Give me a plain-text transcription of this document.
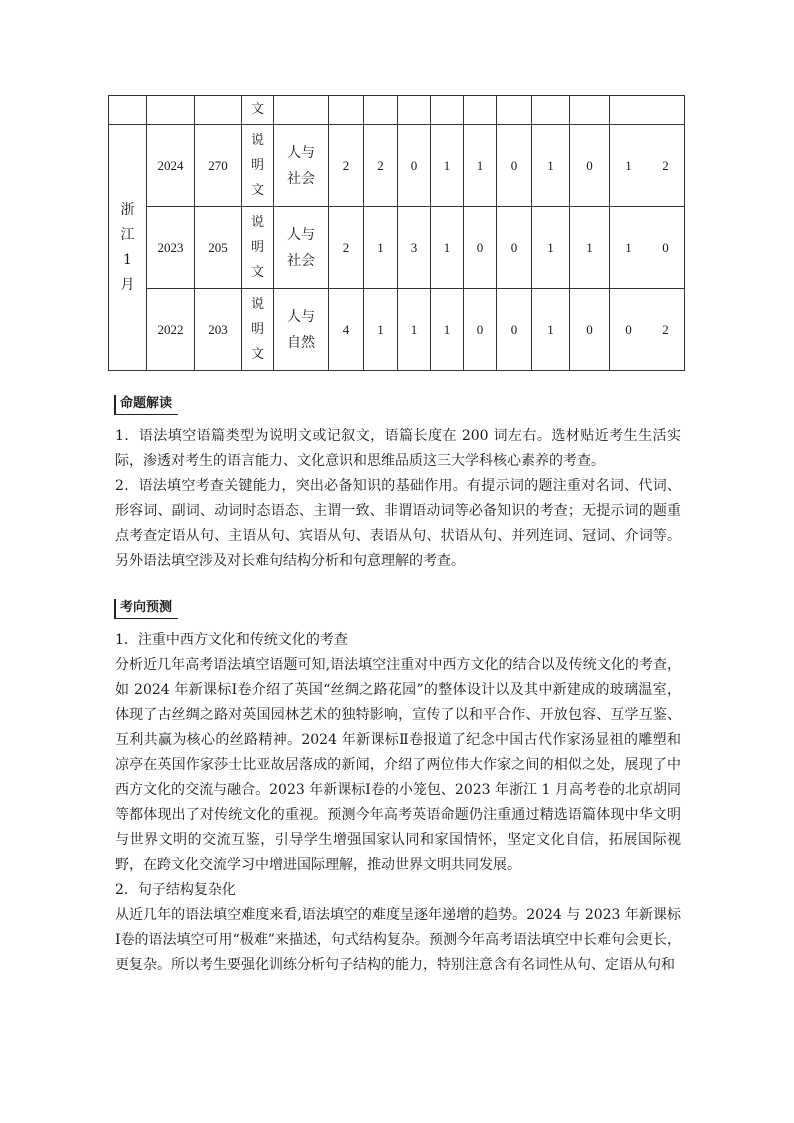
			文										
浙江1月	2024	270	说明文	人与社会	2	2	0	1	1	0	1	0	1 2
	2023	205	说明文	人与社会	2	1	3	1	0	0	1	1	1 0
	2022	203	说明文	人与自然	4	1	1	1	0	0	1	0	0 2
命题解读

1．语法填空语篇类型为说明文或记叙文，语篇长度在 200 词左右。选材贴近考生生活实际，渗透对考生的语言能力、文化意识和思维品质这三大学科核心素养的考查。

2．语法填空考查关键能力，突出必备知识的基础作用。有提示词的题注重对名词、代词、形容词、副词、动词时态语态、主谓一致、非谓语动词等必备知识的考查；无提示词的题重点考查定语从句、主语从句、宾语从句、表语从句、状语从句、并列连词、冠词、介词等。另外语法填空涉及对长难句结构分析和句意理解的考查。

考向预测

1．注重中西方文化和传统文化的考查

分析近几年高考语法填空语题可知,语法填空注重对中西方文化的结合以及传统文化的考查，如 2024 年新课标Ⅰ卷介绍了英国“丝绸之路花园”的整体设计以及其中新建成的玻璃温室，体现了古丝绸之路对英国园林艺术的独特影响，宣传了以和平合作、开放包容、互学互鉴、互利共赢为核心的丝路精神。2024 年新课标Ⅱ卷报道了纪念中国古代作家汤显祖的雕塑和凉亭在英国作家莎士比亚故居落成的新闻，介绍了两位伟大作家之间的相似之处，展现了中西方文化的交流与融合。2023 年新课标Ⅰ卷的小笼包、2023 年浙江 1 月高考卷的北京胡同等都体现出了对传统文化的重视。预测今年高考英语命题仍注重通过精选语篇体现中华文明与世界文明的交流互鉴，引导学生增强国家认同和家国情怀，坚定文化自信，拓展国际视野，在跨文化交流学习中增进国际理解，推动世界文明共同发展。

2．句子结构复杂化

从近几年的语法填空难度来看,语法填空的难度呈逐年递增的趋势。2024 与 2023 年新课标Ⅰ卷的语法填空可用“极难”来描述，句式结构复杂。预测今年高考语法填空中长难句会更长，更复杂。所以考生要强化训练分析句子结构的能力，特别注意含有名词性从句、定语从句和
